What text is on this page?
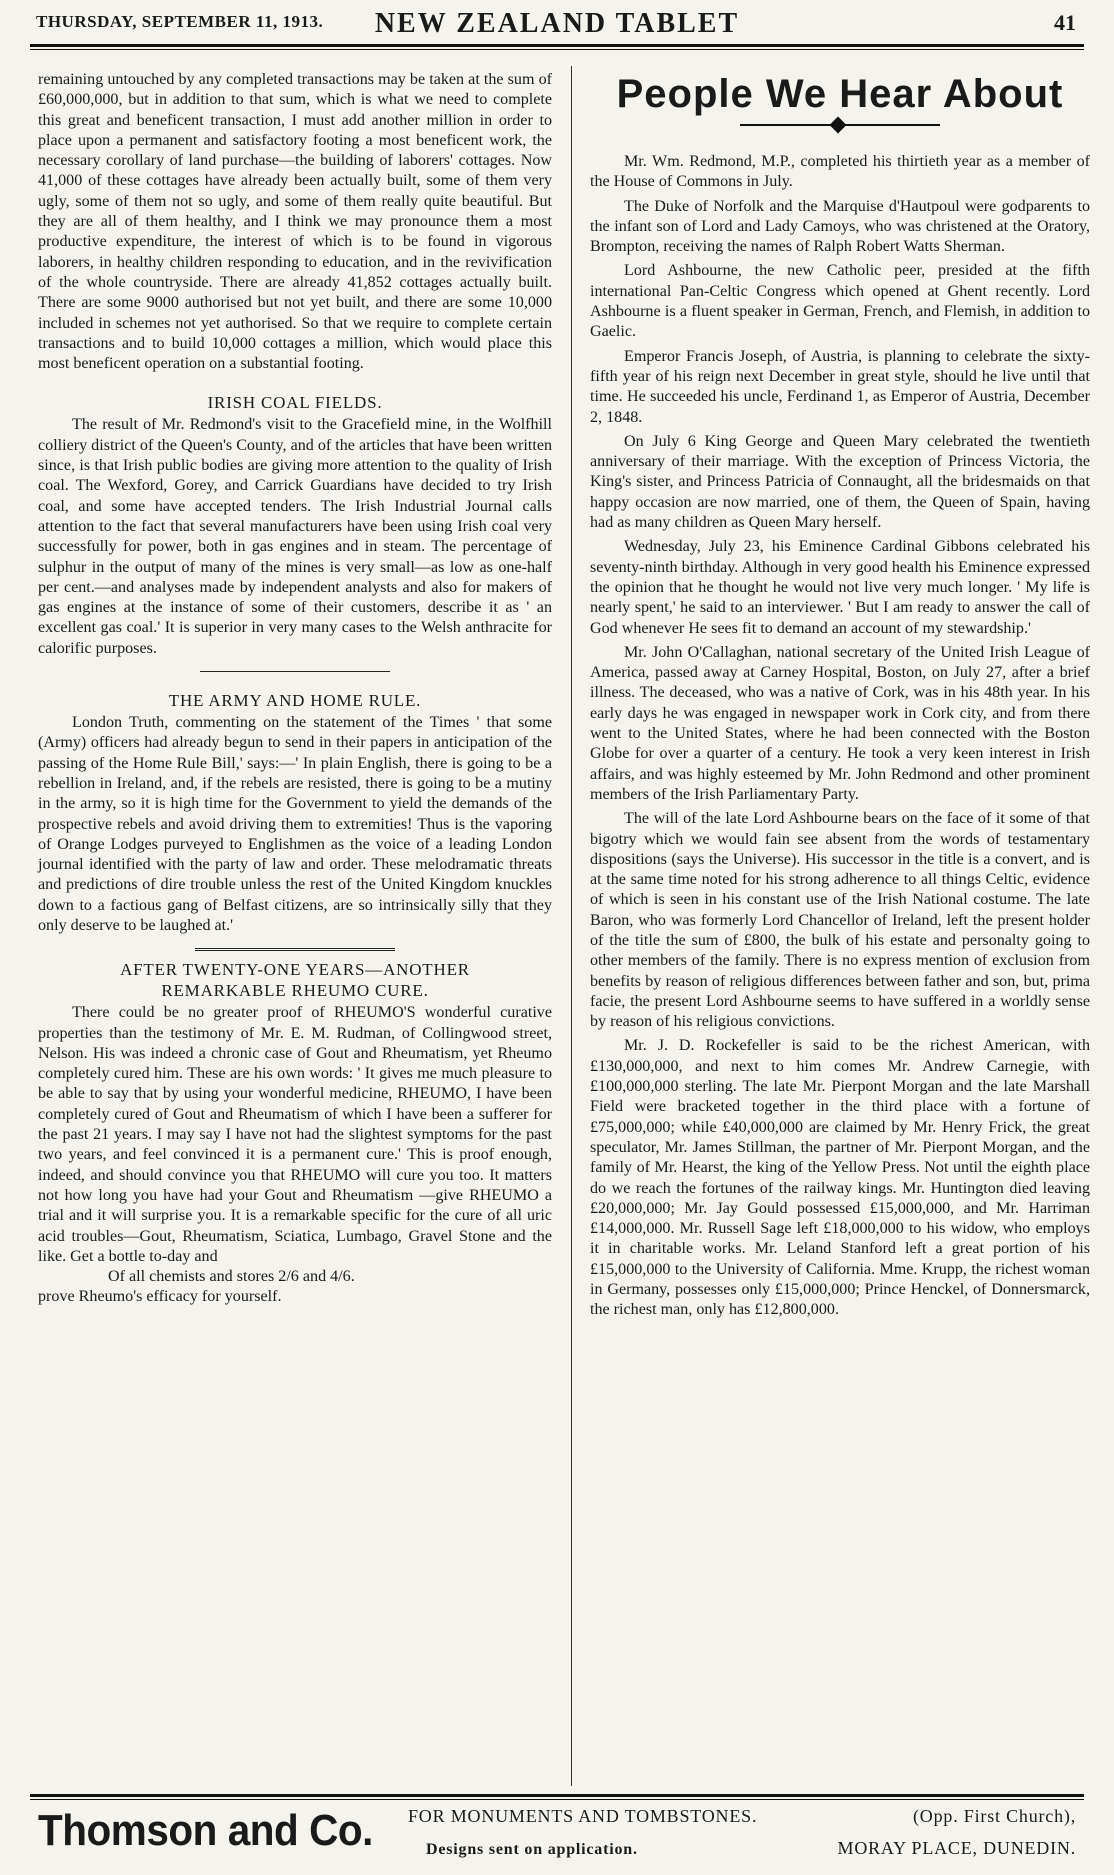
THURSDAY, SEPTEMBER 11, 1913.	NEW ZEALAND TABLET	41

remaining untouched by any completed transactions may be taken at the sum of £60,000,000, but in addition to that sum, which is what we need to complete this great and beneficent transaction, I must add another million in order to place upon a permanent and satisfactory footing a most beneficent work, the necessary corollary of land purchase—the building of laborers' cottages. Now 41,000 of these cottages have already been actually built, some of them very ugly, some of them not so ugly, and some of them really quite beautiful. But they are all of them healthy, and I think we may pronounce them a most productive expenditure, the interest of which is to be found in vigorous laborers, in healthy children responding to education, and in the revivification of the whole countryside. There are already 41,852 cottages actually built. There are some 9000 authorised but not yet built, and there are some 10,000 included in schemes not yet authorised. So that we require to complete certain transactions and to build 10,000 cottages a million, which would place this most beneficent operation on a substantial footing.

IRISH COAL FIELDS.

The result of Mr. Redmond's visit to the Gracefield mine, in the Wolfhill colliery district of the Queen's County, and of the articles that have been written since, is that Irish public bodies are giving more attention to the quality of Irish coal. The Wexford, Gorey, and Carrick Guardians have decided to try Irish coal, and some have accepted tenders. The Irish Industrial Journal calls attention to the fact that several manufacturers have been using Irish coal very successfully for power, both in gas engines and in steam. The percentage of sulphur in the output of many of the mines is very small—as low as one-half per cent.—and analyses made by independent analysts and also for makers of gas engines at the instance of some of their customers, describe it as ' an excellent gas coal.' It is superior in very many cases to the Welsh anthracite for calorific purposes.

THE ARMY AND HOME RULE.

London Truth, commenting on the statement of the Times ' that some (Army) officers had already begun to send in their papers in anticipation of the passing of the Home Rule Bill,' says:—' In plain English, there is going to be a rebellion in Ireland, and, if the rebels are resisted, there is going to be a mutiny in the army, so it is high time for the Government to yield the demands of the prospective rebels and avoid driving them to extremities! Thus is the vaporing of Orange Lodges purveyed to Englishmen as the voice of a leading London journal identified with the party of law and order. These melodramatic threats and predictions of dire trouble unless the rest of the United Kingdom knuckles down to a factious gang of Belfast citizens, are so intrinsically silly that they only deserve to be laughed at.'

AFTER TWENTY-ONE YEARS—ANOTHER REMARKABLE RHEUMO CURE.

There could be no greater proof of RHEUMO'S wonderful curative properties than the testimony of Mr. E. M. Rudman, of Collingwood street, Nelson. His was indeed a chronic case of Gout and Rheumatism, yet Rheumo completely cured him. These are his own words: ' It gives me much pleasure to be able to say that by using your wonderful medicine, RHEUMO, I have been completely cured of Gout and Rheumatism of which I have been a sufferer for the past 21 years. I may say I have not had the slightest symptoms for the past two years, and feel convinced it is a permanent cure.' This is proof enough, indeed, and should convince you that RHEUMO will cure you too. It matters not how long you have had your Gout and Rheumatism —give RHEUMO a trial and it will surprise you. It is a remarkable specific for the cure of all uric acid troubles—Gout, Rheumatism, Sciatica, Lumbago, Gravel Stone and the like. Get a bottle to-day and

Of all chemists and stores 2/6 and 4/6.

prove Rheumo's efficacy for yourself.

People We Hear About

Mr. Wm. Redmond, M.P., completed his thirtieth year as a member of the House of Commons in July.

The Duke of Norfolk and the Marquise d'Hautpoul were godparents to the infant son of Lord and Lady Camoys, who was christened at the Oratory, Brompton, receiving the names of Ralph Robert Watts Sherman.

Lord Ashbourne, the new Catholic peer, presided at the fifth international Pan-Celtic Congress which opened at Ghent recently. Lord Ashbourne is a fluent speaker in German, French, and Flemish, in addition to Gaelic.

Emperor Francis Joseph, of Austria, is planning to celebrate the sixty-fifth year of his reign next December in great style, should he live until that time. He succeeded his uncle, Ferdinand 1, as Emperor of Austria, December 2, 1848.

On July 6 King George and Queen Mary celebrated the twentieth anniversary of their marriage. With the exception of Princess Victoria, the King's sister, and Princess Patricia of Connaught, all the bridesmaids on that happy occasion are now married, one of them, the Queen of Spain, having had as many children as Queen Mary herself.

Wednesday, July 23, his Eminence Cardinal Gibbons celebrated his seventy-ninth birthday. Although in very good health his Eminence expressed the opinion that he thought he would not live very much longer. ' My life is nearly spent,' he said to an interviewer. ' But I am ready to answer the call of God whenever He sees fit to demand an account of my stewardship.'

Mr. John O'Callaghan, national secretary of the United Irish League of America, passed away at Carney Hospital, Boston, on July 27, after a brief illness. The deceased, who was a native of Cork, was in his 48th year. In his early days he was engaged in newspaper work in Cork city, and from there went to the United States, where he had been connected with the Boston Globe for over a quarter of a century. He took a very keen interest in Irish affairs, and was highly esteemed by Mr. John Redmond and other prominent members of the Irish Parliamentary Party.

The will of the late Lord Ashbourne bears on the face of it some of that bigotry which we would fain see absent from the words of testamentary dispositions (says the Universe). His successor in the title is a convert, and is at the same time noted for his strong adherence to all things Celtic, evidence of which is seen in his constant use of the Irish National costume. The late Baron, who was formerly Lord Chancellor of Ireland, left the present holder of the title the sum of £800, the bulk of his estate and personalty going to other members of the family. There is no express mention of exclusion from benefits by reason of religious differences between father and son, but, prima facie, the present Lord Ashbourne seems to have suffered in a worldly sense by reason of his religious convictions.

Mr. J. D. Rockefeller is said to be the richest American, with £130,000,000, and next to him comes Mr. Andrew Carnegie, with £100,000,000 sterling. The late Mr. Pierpont Morgan and the late Marshall Field were bracketed together in the third place with a fortune of £75,000,000; while £40,000,000 are claimed by Mr. Henry Frick, the great speculator, Mr. James Stillman, the partner of Mr. Pierpont Morgan, and the family of Mr. Hearst, the king of the Yellow Press. Not until the eighth place do we reach the fortunes of the railway kings. Mr. Huntington died leaving £20,000,000; Mr. Jay Gould possessed £15,000,000, and Mr. Harriman £14,000,000. Mr. Russell Sage left £18,000,000 to his widow, who employs it in charitable works. Mr. Leland Stanford left a great portion of his £15,000,000 to the University of California. Mme. Krupp, the richest woman in Germany, possesses only £15,000,000; Prince Henckel, of Donnersmarck, the richest man, only has £12,800,000.

Thomson and Co. FOR MONUMENTS AND TOMBSTONES.	(Opp. First Church),
Designs sent on application.	MORAY PLACE, DUNEDIN.
